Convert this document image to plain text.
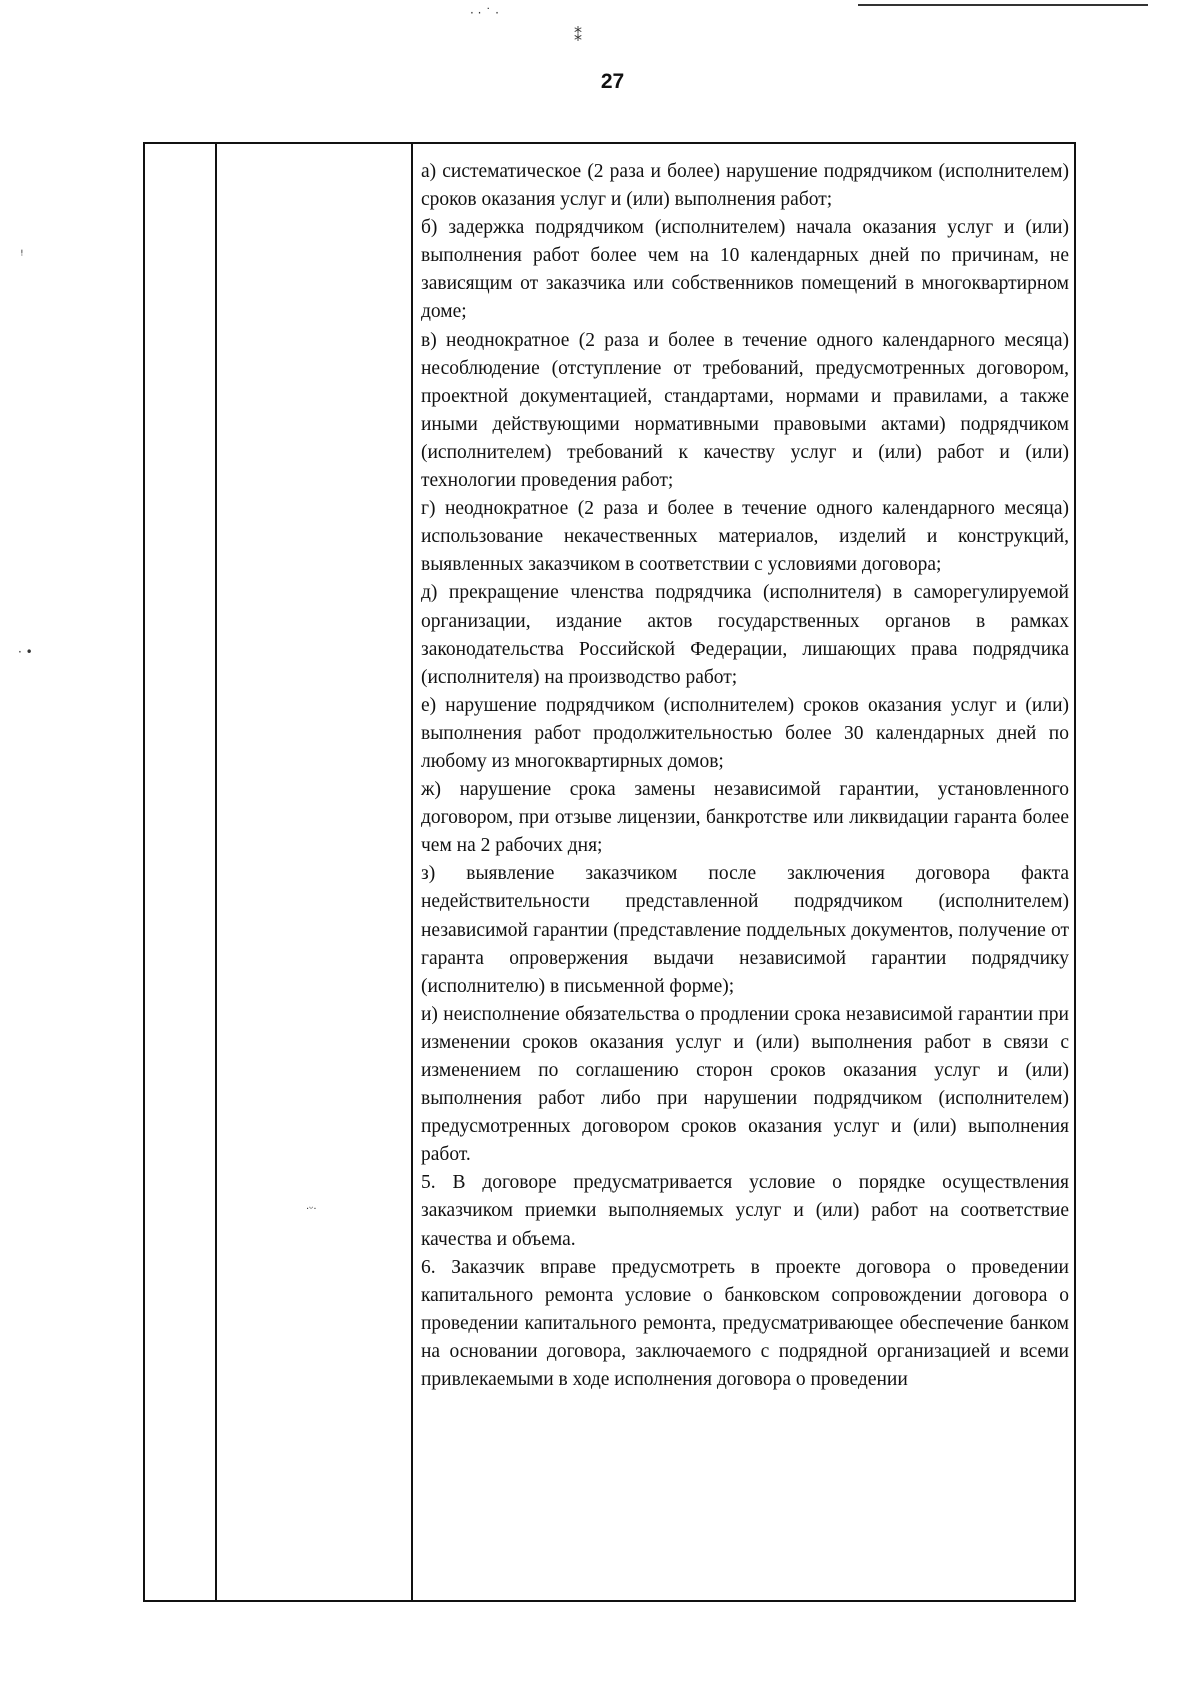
· · ˙ ·
⁑
ꜝ
· •
·ᵕ·
27

а) систематическое (2 раза и более) нарушение подрядчиком (исполнителем) сроков оказания услуг и (или) выполнения работ;

б) задержка подрядчиком (исполнителем) начала оказания услуг и (или) выполнения работ более чем на 10 календарных дней по причинам, не зависящим от заказчика или собственников помещений в многоквартирном доме;

в) неоднократное (2 раза и более в течение одного календарного месяца) несоблюдение (отступление от требований, предусмотренных договором, проектной документацией, стандартами, нормами и правилами, а также иными действующими нормативными правовыми актами) подрядчиком (исполнителем) требований к качеству услуг и (или) работ и (или) технологии проведения работ;

г) неоднократное (2 раза и более в течение одного календарного месяца) использование некачественных материалов, изделий и конструкций, выявленных заказчиком в соответствии с условиями договора;

д) прекращение членства подрядчика (исполнителя) в саморегулируемой организации, издание актов государственных органов в рамках законодательства Российской Федерации, лишающих права подрядчика (исполнителя) на производство работ;

е) нарушение подрядчиком (исполнителем) сроков оказания услуг и (или) выполнения работ продолжительностью более 30 календарных дней по любому из многоквартирных домов;

ж) нарушение срока замены независимой гарантии, установленного договором, при отзыве лицензии, банкротстве или ликвидации гаранта более чем на 2 рабочих дня;

з) выявление заказчиком после заключения договора факта недействительности представленной подрядчиком (исполнителем) независимой гарантии (представление поддельных документов, получение от гаранта опровержения выдачи независимой гарантии подрядчику (исполнителю) в письменной форме);

и) неисполнение обязательства о продлении срока независимой гарантии при изменении сроков оказания услуг и (или) выполнения работ в связи с изменением по соглашению сторон сроков оказания услуг и (или) выполнения работ либо при нарушении подрядчиком (исполнителем) предусмотренных договором сроков оказания услуг и (или) выполнения работ.

5. В договоре предусматривается условие о порядке осуществления заказчиком приемки выполняемых услуг и (или) работ на соответствие качества и объема.

6. Заказчик вправе предусмотреть в проекте договора о проведении капитального ремонта условие о банковском сопровождении договора о проведении капитального ремонта, предусматривающее обеспечение банком на основании договора, заключаемого с подрядной организацией и всеми привлекаемыми в ходе исполнения договора о проведении
